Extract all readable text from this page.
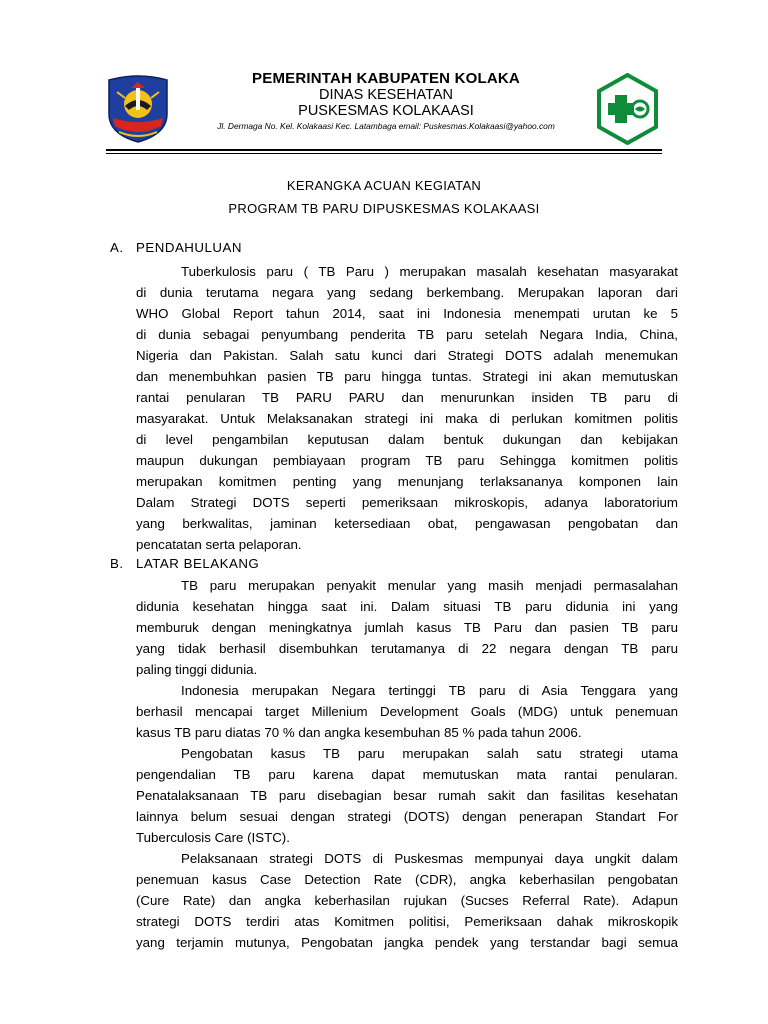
PEMERINTAH KABUPATEN KOLAKA
DINAS KESEHATAN
PUSKESMAS KOLAKAASI
Jl. Dermaga No. Kel. Kolakaasi Kec. Latambaga email: Puskesmas.Kolakaasi@yahoo.com
KERANGKA ACUAN KEGIATAN
PROGRAM TB PARU DIPUSKESMAS KOLAKAASI
A. PENDAHULUAN
Tuberkulosis paru ( TB Paru ) merupakan masalah kesehatan masyarakat
di dunia terutama negara yang sedang berkembang. Merupakan laporan dari
WHO Global Report tahun 2014, saat ini Indonesia menempati urutan ke 5
di dunia sebagai penyumbang penderita TB paru setelah Negara India, China,
Nigeria dan Pakistan. Salah satu kunci dari Strategi DOTS adalah menemukan
dan menembuhkan pasien TB paru hingga tuntas. Strategi ini akan memutuskan
rantai penularan TB PARU PARU dan menurunkan insiden TB paru di
masyarakat. Untuk Melaksanakan strategi ini maka di perlukan komitmen politis
di level pengambilan keputusan dalam bentuk dukungan dan kebijakan
maupun dukungan pembiayaan program TB paru Sehingga komitmen politis
merupakan komitmen penting yang menunjang terlaksananya komponen lain
Dalam Strategi DOTS seperti pemeriksaan mikroskopis, adanya laboratorium
yang berkwalitas, jaminan ketersediaan obat, pengawasan pengobatan dan
pencatatan serta pelaporan.
B. LATAR BELAKANG
TB paru merupakan penyakit menular yang masih menjadi permasalahan
didunia kesehatan hingga saat ini. Dalam situasi TB paru didunia ini yang
memburuk dengan meningkatnya jumlah kasus TB Paru dan pasien TB paru
yang tidak berhasil disembuhkan terutamanya di 22 negara dengan TB paru
paling tinggi didunia.
Indonesia merupakan Negara tertinggi TB paru di Asia Tenggara yang
berhasil mencapai target Millenium Development Goals (MDG) untuk penemuan
kasus TB paru diatas 70 % dan angka kesembuhan 85 % pada tahun 2006.
Pengobatan kasus TB paru merupakan salah satu strategi utama
pengendalian TB paru karena dapat memutuskan mata rantai penularan.
Penatalaksanaan TB paru disebagian besar rumah sakit dan fasilitas kesehatan
lainnya belum sesuai dengan strategi (DOTS) dengan penerapan Standart For
Tuberculosis Care (ISTC).
Pelaksanaan strategi DOTS di Puskesmas mempunyai daya ungkit dalam
penemuan kasus Case Detection Rate (CDR), angka keberhasilan pengobatan
(Cure Rate) dan angka keberhasilan rujukan (Sucses Referral Rate). Adapun
strategi DOTS terdiri atas Komitmen politisi, Pemeriksaan dahak mikroskopik
yang terjamin mutunya, Pengobatan jangka pendek yang terstandar bagi semua
